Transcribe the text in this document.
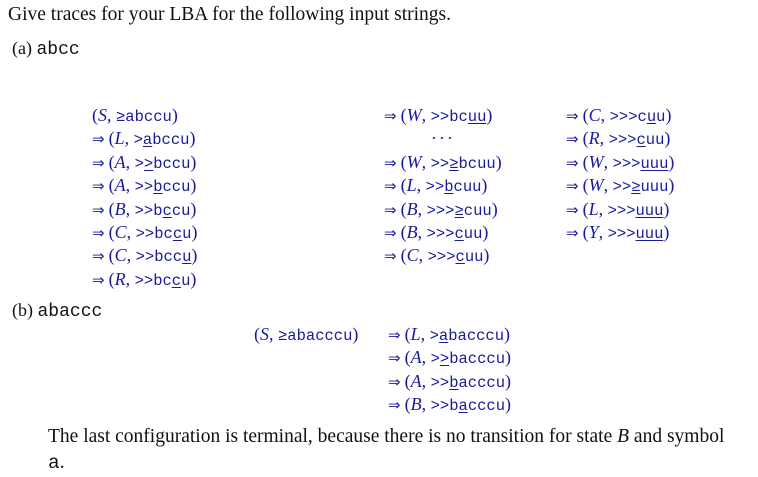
Give traces for your LBA for the following input strings.
(a) abcc
(S, ≥abccu)
⇒ (L, >abccu)
⇒ (A, >>bccu)
⇒ (A, >>bccu)
⇒ (B, >>bccu)
⇒ (C, >>bccu)
⇒ (C, >>bccu)
⇒ (R, >>bccu)
⇒ (W, >>bcuu)
···
⇒ (W, >>≥bcuu)
⇒ (L, >>bcuu)
⇒ (B, >>>≥cuu)
⇒ (B, >>>cuu)
⇒ (C, >>>cuu)
⇒ (C, >>>cuu)
⇒ (R, >>>cuu)
⇒ (W, >>>uuu)
⇒ (W, >>≥uuu)
⇒ (L, >>>uuu)
⇒ (Y, >>>uuu)
(b) abaccc
(S, ≥abacccu) ⇒ (L, >abacccu)
⇒ (A, >>bacccu)
⇒ (A, >>bacccu)
⇒ (B, >>bacccu)
The last configuration is terminal, because there is no transition for state B and symbol
a.
